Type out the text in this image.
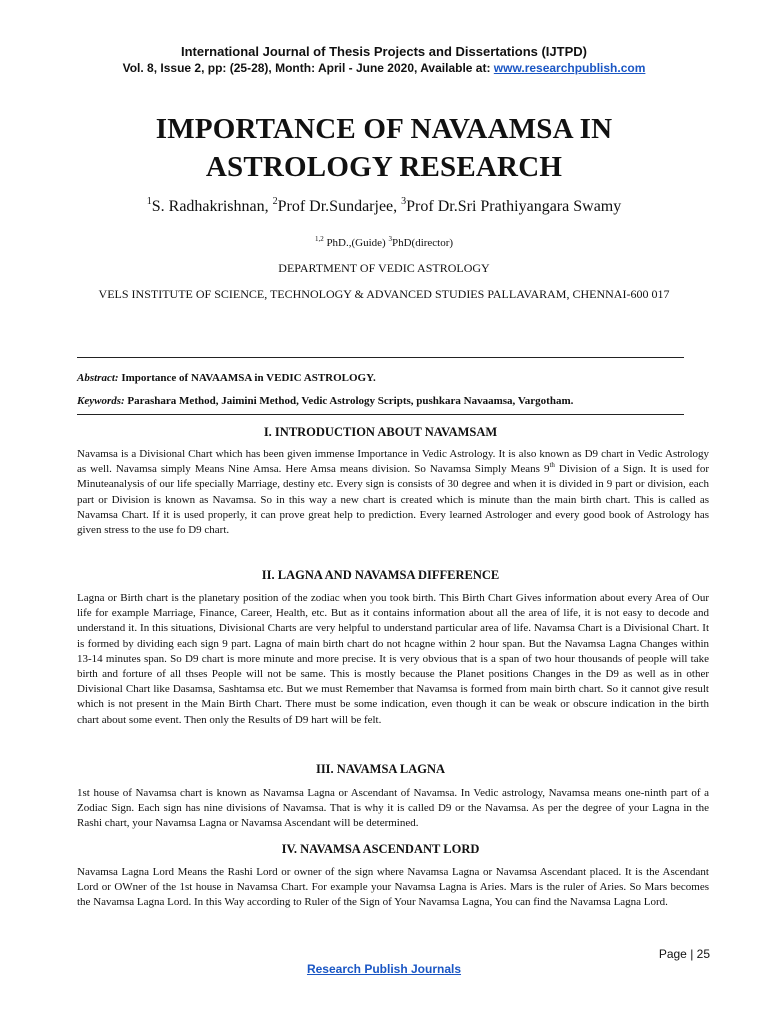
International Journal of Thesis Projects and Dissertations (IJTPD)
Vol. 8, Issue 2, pp: (25-28), Month: April - June 2020, Available at: www.researchpublish.com
IMPORTANCE OF NAVAAMSA IN
ASTROLOGY RESEARCH
$^1$S. Radhakrishnan, $^2$Prof Dr.Sundarjee, $^3$Prof Dr.Sri Prathiyangara Swamy
$^{1,2}$ PhD.,(Guide) $^3$PhD(director)
DEPARTMENT OF VEDIC ASTROLOGY
VELS INSTITUTE OF SCIENCE, TECHNOLOGY & ADVANCED STUDIES PALLAVARAM, CHENNAI-600 017
Abstract: Importance of NAVAAMSA in VEDIC ASTROLOGY.
Keywords: Parashara Method, Jaimini Method, Vedic Astrology Scripts, pushkara Navaamsa, Vargotham.
I. INTRODUCTION ABOUT NAVAMSAM
Navamsa is a Divisional Chart which has been given immense Importance in Vedic Astrology. It is also known as D9 chart in Vedic Astrology as well. Navamsa simply Means Nine Amsa. Here Amsa means division. So Navamsa Simply Means 9th Division of a Sign. It is used for Minuteanalysis of our life specially Marriage, destiny etc. Every sign is consists of 30 degree and when it is divided in 9 part or division, each part or Division is known as Navamsa. So in this way a new chart is created which is minute than the main birth chart. This is called as Navamsa Chart. If it is used properly, it can prove great help to prediction. Every learned Astrologer and every good book of Astrology has given stress to the use fo D9 chart.
II. LAGNA AND NAVAMSA DIFFERENCE
Lagna or Birth chart is the planetary position of the zodiac when you took birth. This Birth Chart Gives information about every Area of Our life for example Marriage, Finance, Career, Health, etc. But as it contains information about all the area of life, it is not easy to decode and understand it. In this situations, Divisional Charts are very helpful to understand particular area of life. Navamsa Chart is a Divisional Chart. It is formed by dividing each sign 9 part. Lagna of main birth chart do not hcagne within 2 hour span. But the Navamsa Lagna Changes within 13-14 minutes span. So D9 chart is more minute and more precise. It is very obvious that is a span of two hour thousands of people will take birth and forture of all thses People will not be same. This is mostly because the Planet positions Changes in the D9 as well as in other Divisional Chart like Dasamsa, Sashtamsa etc. But we must Remember that Navamsa is formed from main birth chart. So it cannot give result which is not present in the Main Birth Chart. There must be some indication, even though it can be weak or obscure indication in the birth chart about some event. Then only the Results of D9 hart will be felt.
III. NAVAMSA LAGNA
1st house of Navamsa chart is known as Navamsa Lagna or Ascendant of Navamsa. In Vedic astrology, Navamsa means one-ninth part of a Zodiac Sign. Each sign has nine divisions of Navamsa. That is why it is called D9 or the Navamsa. As per the degree of your Lagna in the Rashi chart, your Navamsa Lagna or Navamsa Ascendant will be determined.
IV. NAVAMSA ASCENDANT LORD
Navamsa Lagna Lord Means the Rashi Lord or owner of the sign where Navamsa Lagna or Navamsa Ascendant placed. It is the Ascendant Lord or OWner of the 1st house in Navamsa Chart. For example your Navamsa Lagna is Aries. Mars is the ruler of Aries. So Mars becomes the Navamsa Lagna Lord. In this Way according to Ruler of the Sign of Your Navamsa Lagna, You can find the Navamsa Lagna Lord.
Page | 25
Research Publish Journals
